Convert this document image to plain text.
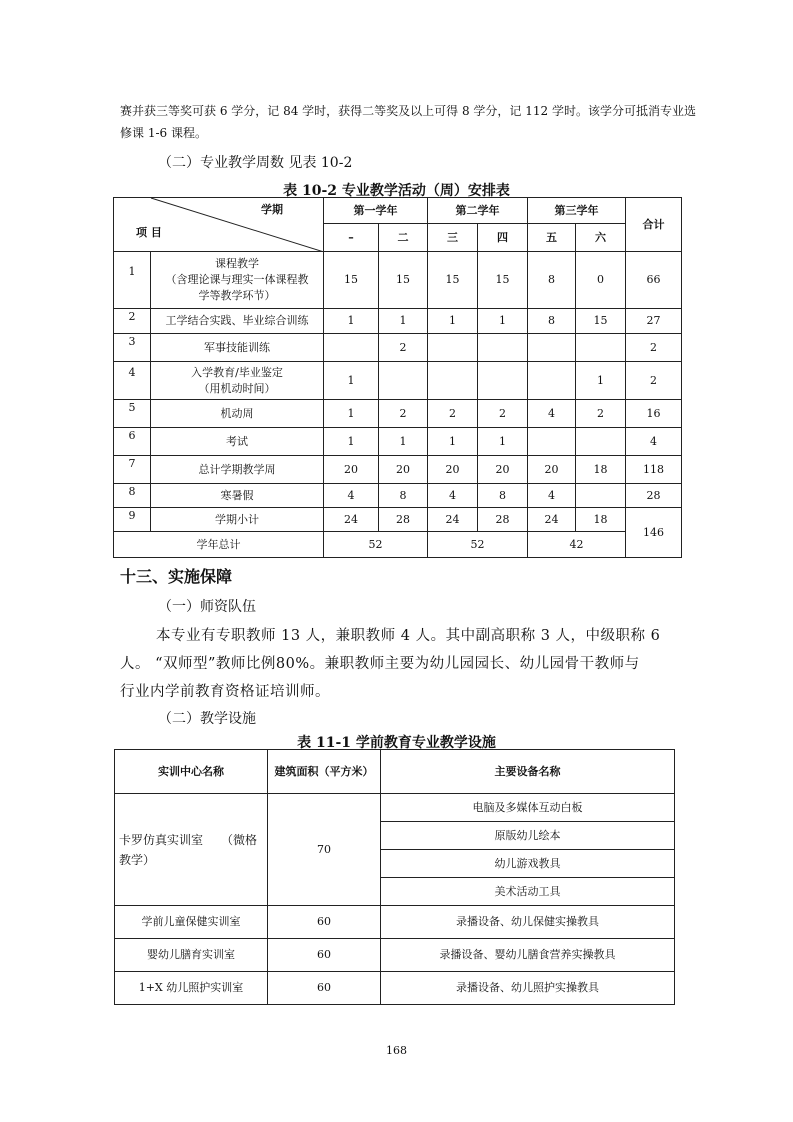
赛并获三等奖可获 6 学分，记 84 学时，获得二等奖及以上可得 8 学分，记 112 学时。该学分可抵消专业选
修课 1-6 课程。
（二）专业教学周数 见表 10-2
表 10-2 专业教学活动（周）安排表
学期
项 目		第一学年		第二学年		第三学年		合计
		–	二	三	四	五	六	
1	课程教学
（含理论课与理实一体课程教
学等教学环节）	15	15	15	15	8	0	66
2	工学结合实践、毕业综合训练	1	1	1	1	8	15	27
3	军事技能训练		2					2
4	入学教育/毕业鉴定
（用机动时间）	1					1	2
5	机动周	1	2	2	2	4	2	16
6	考试	1	1	1	1			4
7	总计学期教学周	20	20	20	20	20	18	118
8	寒暑假	4	8	4	8	4		28
9	学期小计	24	28	24	28	24	18	146
学年总计		52		52		42		
十三、实施保障
（一）师资队伍
本专业有专职教师 13 人，兼职教师 4 人。其中副高职称 3 人，中级职称 6
人。 “双师型”教师比例80%。兼职教师主要为幼儿园园长、幼儿园骨干教师与
行业内学前教育资格证培训师。
（二）教学设施
表 11-1 学前教育专业教学设施
实训中心名称	建筑面积（平方米）	主要设备名称

卡罗仿真实训室　　（微格
教学）	70	电脑及多媒体互动白板
		原版幼儿绘本
		幼儿游戏教具
		美术活动工具
学前儿童保健实训室	60	录播设备、幼儿保健实操教具
婴幼儿膳育实训室	60	录播设备、婴幼儿膳食营养实操教具
1+X 幼儿照护实训室	60	录播设备、幼儿照护实操教具
168
